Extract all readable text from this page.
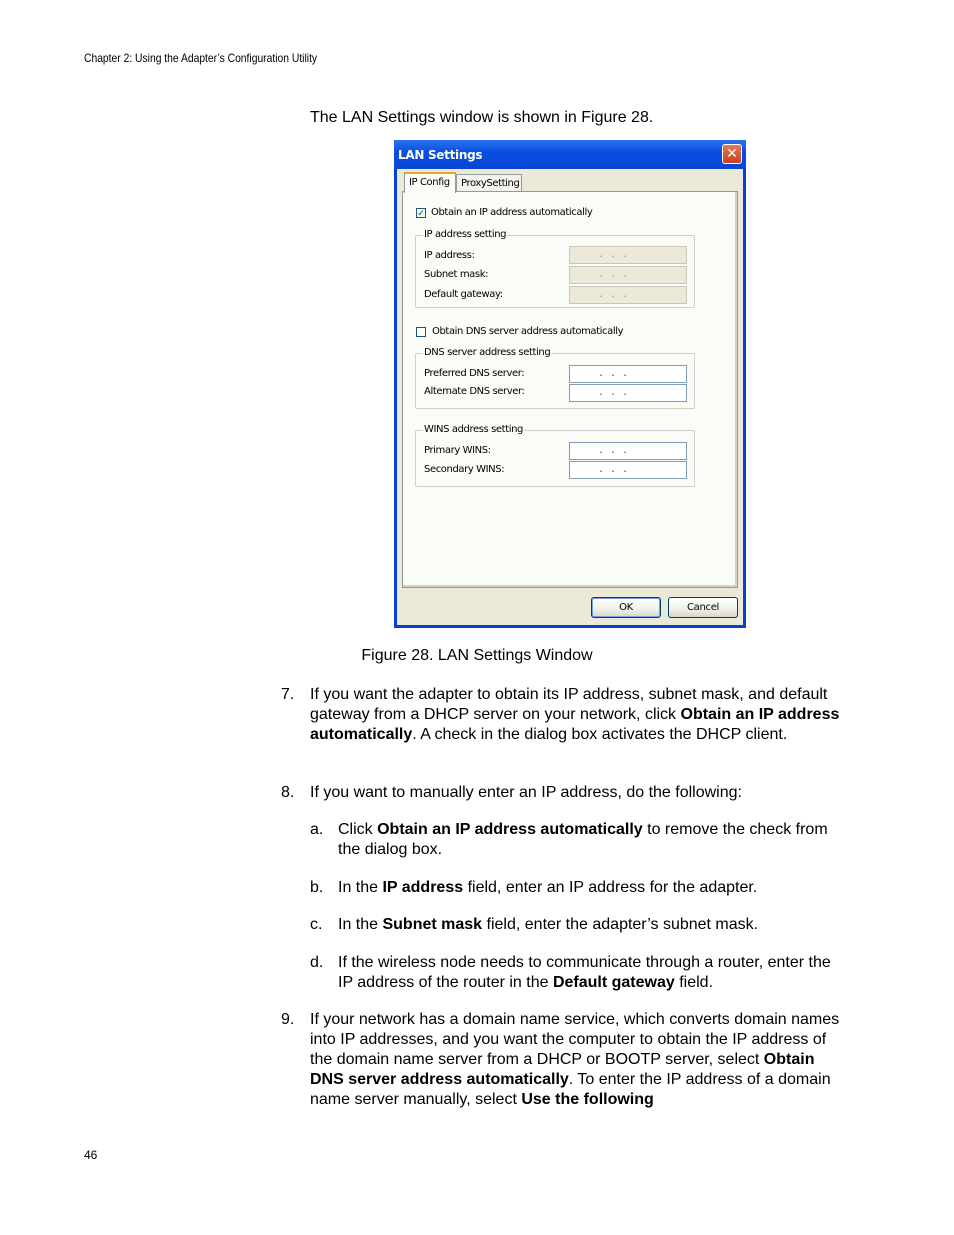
Chapter 2: Using the Adapter’s Configuration Utility
The LAN Settings window is shown in Figure 28.
LAN Settings	✕
IP Config	ProxySetting
✓ Obtain an IP address automatically
IP address setting
IP address:	. . .
Subnet mask:	. . .
Default gateway:	. . .
Obtain DNS server address automatically
DNS server address setting
Preferred DNS server:	. . .
Alternate DNS server:	. . .
WINS address setting
Primary WINS:	. . .
Secondary WINS:	. . .
OK	Cancel
Figure 28. LAN Settings Window
7. If you want the adapter to obtain its IP address, subnet mask, and default gateway from a DHCP server on your network, click Obtain an IP address automatically. A check in the dialog box activates the DHCP client.
8. If you want to manually enter an IP address, do the following:
a. Click Obtain an IP address automatically to remove the check from the dialog box.
b. In the IP address field, enter an IP address for the adapter.
c. In the Subnet mask field, enter the adapter’s subnet mask.
d. If the wireless node needs to communicate through a router, enter the IP address of the router in the Default gateway field.
9. If your network has a domain name service, which converts domain names into IP addresses, and you want the computer to obtain the IP address of the domain name server from a DHCP or BOOTP server, select Obtain DNS server address automatically. To enter the IP address of a domain name server manually, select Use the following
46
